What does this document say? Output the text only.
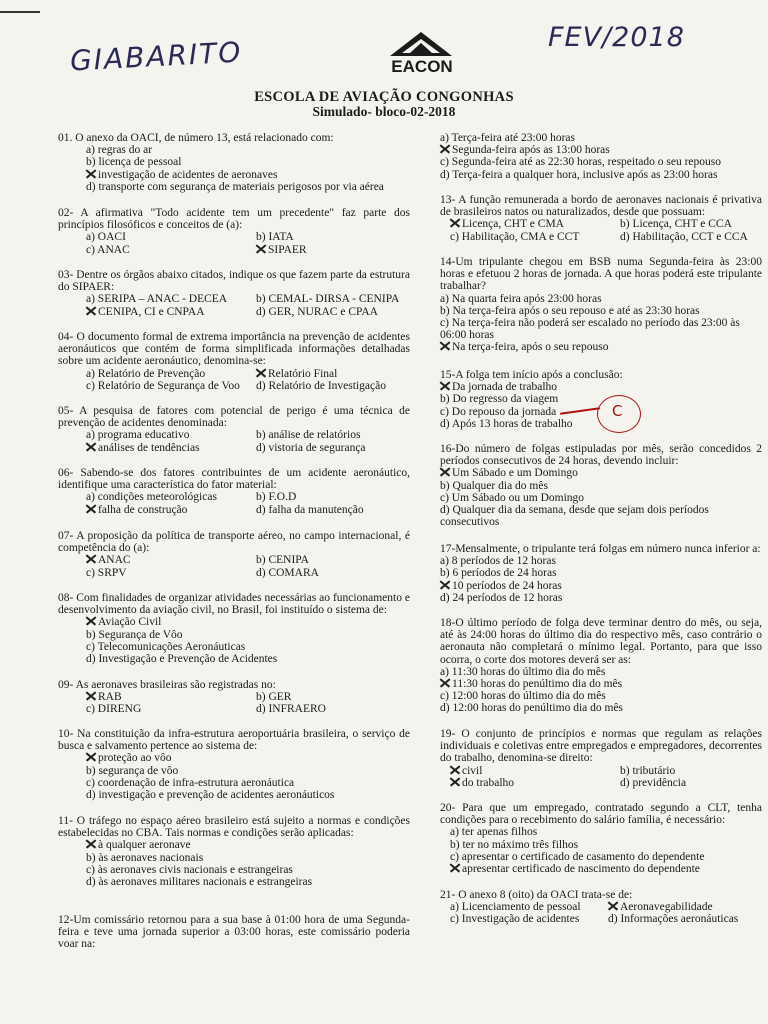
GIABARITO	FEV/2018
EACON
ESCOLA DE AVIAÇÃO CONGONHAS
Simulado- bloco-02-2018
01. O anexo da OACI, de número 13, está relacionado com:
a) regras do ar
b) licença de pessoal
investigação de acidentes de aeronaves
d) transporte com segurança de materiais perigosos por via aérea
02- A afirmativa "Todo acidente tem um precedente" faz parte dos princípios filosóficos e conceitos de (a):
a) OACI	b) IATA
c) ANAC	SIPAER
03- Dentre os órgãos abaixo citados, indique os que fazem parte da estrutura do SIPAER:
a) SERIPA – ANAC - DECEA	b) CEMAL- DIRSA - CENIPA
CENIPA, CI e CNPAA	d) GER, NURAC e CPAA
04- O documento formal de extrema importância na prevenção de acidentes aeronáuticos que contém de forma simplificada informações detalhadas sobre um acidente aeronáutico, denomina-se:
a) Relatório de Prevenção	Relatório Final
c) Relatório de Segurança de Voo	d) Relatório de Investigação
05- A pesquisa de fatores com potencial de perigo é uma técnica de prevenção de acidentes denominada:
a) programa educativo	b) análise de relatórios
análises de tendências	d) vistoria de segurança
06- Sabendo-se dos fatores contribuintes de um acidente aeronáutico, identifique uma característica do fator material:
a) condições meteorológicas	b) F.O.D
falha de construção	d) falha da manutenção
07- A proposição da política de transporte aéreo, no campo internacional, é competência do (a):
ANAC	b) CENIPA
c) SRPV	d) COMARA
08- Com finalidades de organizar atividades necessárias ao funcionamento e desenvolvimento da aviação civil, no Brasil, foi instituído o sistema de:
Aviação Civil
b) Segurança de Vôo
c) Telecomunicações Aeronáuticas
d) Investigação e Prevenção de Acidentes
09- As aeronaves brasileiras são registradas no:
RAB	b) GER
c) DIRENG	d) INFRAERO
10- Na constituição da infra-estrutura aeroportuária brasileira, o serviço de busca e salvamento pertence ao sistema de:
proteção ao vôo
b) segurança de vôo
c) coordenação de infra-estrutura aeronáutica
d) investigação e prevenção de acidentes aeronáuticos
11- O tráfego no espaço aéreo brasileiro está sujeito a normas e condições estabelecidas no CBA. Tais normas e condições serão aplicadas:
à qualquer aeronave
b) às aeronaves nacionais
c) às aeronaves civis nacionais e estrangeiras
d) às aeronaves militares nacionais e estrangeiras
12-Um comissário retornou para a sua base à 01:00 hora de uma Segunda-feira e teve uma jornada superior a 03:00 horas, este comissário poderia voar na:
a) Terça-feira até 23:00 horas
Segunda-feira após as 13:00 horas
c) Segunda-feira até as 22:30 horas, respeitado o seu repouso
d) Terça-feira a qualquer hora, inclusive após as 23:00 horas
13- A função remunerada a bordo de aeronaves nacionais é privativa de brasileiros natos ou naturalizados, desde que possuam:
Licença, CHT e CMA	b) Licença, CHT e CCA
c) Habilitação, CMA e CCT	d) Habilitação, CCT e CCA
14-Um tripulante chegou em BSB numa Segunda-feira às 23:00 horas e efetuou 2 horas de jornada. A que horas poderá este tripulante trabalhar?
a) Na quarta feira após 23:00 horas
b) Na terça-feira após o seu repouso e até as 23:30 horas
c) Na terça-feira não poderá ser escalado no período das 23:00 às 06:00 horas
Na terça-feira, após o seu repouso
15-A folga tem início após a conclusão:
Da jornada de trabalho
b) Do regresso da viagem
c) Do repouso da jornada
d) Após 13 horas de trabalho
C
16-Do número de folgas estipuladas por mês, serão concedidos 2 períodos consecutivos de 24 horas, devendo incluir:
Um Sábado e um Domingo
b) Qualquer dia do mês
c) Um Sábado ou um Domingo
d) Qualquer dia da semana, desde que sejam dois períodos consecutivos
17-Mensalmente, o tripulante terá folgas em número nunca inferior a:
a) 8 períodos de 12 horas
b) 6 períodos de 24 horas
10 períodos de 24 horas
d) 24 períodos de 12 horas
18-O último período de folga deve terminar dentro do mês, ou seja, até às 24:00 horas do último dia do respectivo mês, caso contrário o aeronauta não completará o mínimo legal. Portanto, para que isso ocorra, o corte dos motores deverá ser as:
a) 11:30 horas do último dia do mês
11:30 horas do penúltimo dia do mês
c) 12:00 horas do último dia do mês
d) 12:00 horas do penúltimo dia do mês
19- O conjunto de princípios e normas que regulam as relações individuais e coletivas entre empregados e empregadores, decorrentes do trabalho, denomina-se direito:
civil	b) tributário
do trabalho	d) previdência
20- Para que um empregado, contratado segundo a CLT, tenha condições para o recebimento do salário família, é necessário:
a) ter apenas filhos
b) ter no máximo três filhos
c) apresentar o certificado de casamento do dependente
apresentar certificado de nascimento do dependente
21- O anexo 8 (oito) da OACI trata-se de:
a) Licenciamento de pessoal	Aeronavegabilidade
c) Investigação de acidentes	d) Informações aeronáuticas
